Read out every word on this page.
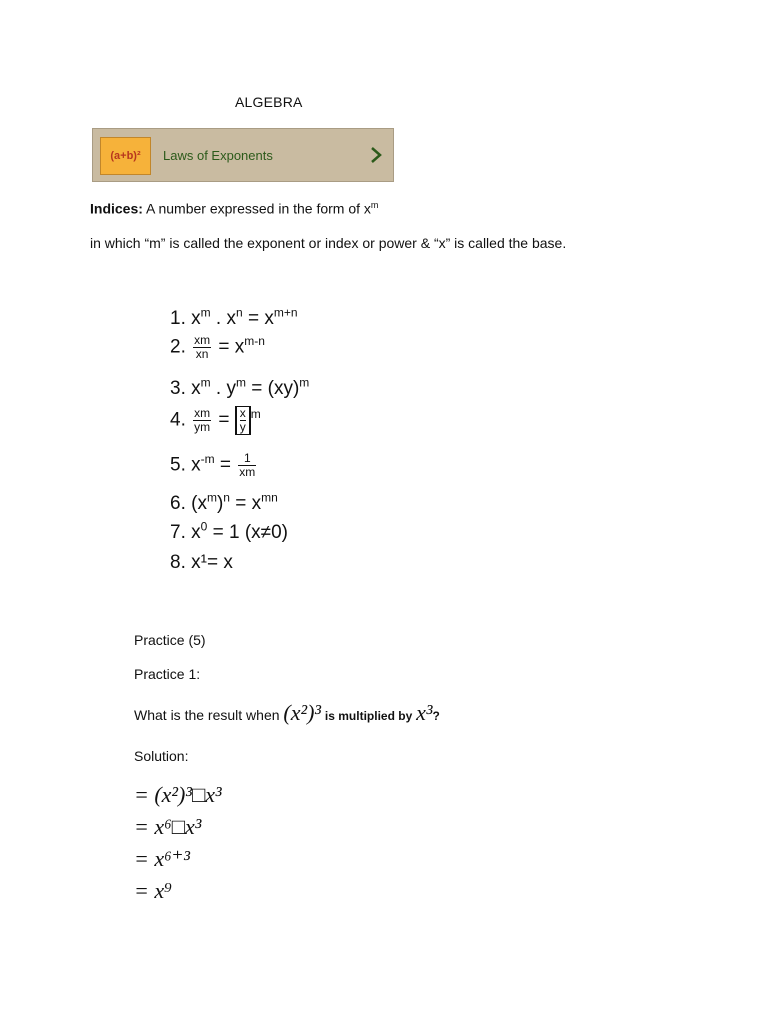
ALGEBRA
(a+b)²	Laws of Exponents
Indices: A number expressed in the form of $x^m$
in which “m” is called the exponent or index or power & “x” is called the base.
1. $x^m$ . $x^n = x^{m+n}$
2. $\frac{xm}{xn} = x^{m-n}$
3. $x^m$ . $y^m = (xy)^m$
4. $\frac{xm}{ym} = \frac{x}{y} ^m$
5. $x^{-m} = \frac{1}{xm}$
6. $(x^m)^n = x^{mn}$
7. $x^0 = 1$ (x≠0)
8. x¹= x
Practice (5)
Practice 1:
What is the result when (x²)³ is multiplied by x³?
Solution:
= (x²)³□x³
= x⁶□x³
= x⁶⁺³
= x⁹
